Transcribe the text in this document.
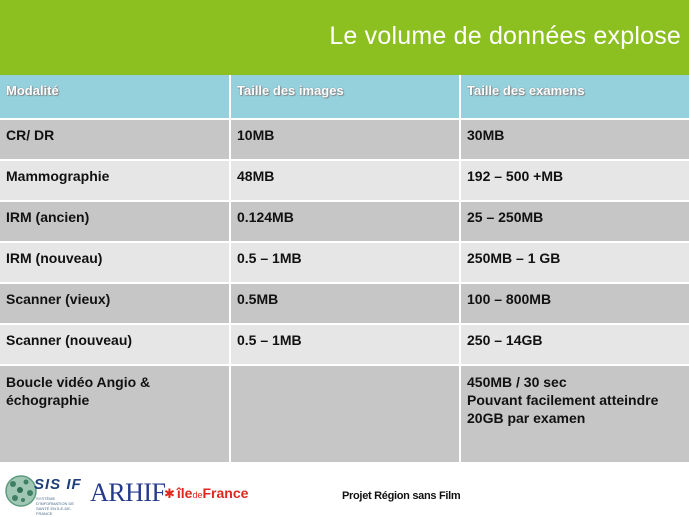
Le volume de données explose
Modalité	Taille des images	Taille des examens
CR/ DR	10MB	30MB
Mammographie	48MB	192 – 500 +MB
IRM (ancien)	0.124MB	25 – 250MB
IRM (nouveau)	0.5 – 1MB	250MB – 1 GB
Scanner (vieux)	0.5MB	100 – 800MB
Scanner (nouveau)	0.5 – 1MB	250 – 14GB

Boucle vidéo Angio &
échographie		450MB / 30 sec
Pouvant facilement atteindre
20GB par examen
SIS IF
SYSTÈME D'INFORMATION DE SANTÉ EN ÎLE-DE-FRANCE
ARHIF
✱ îledeFrance	Projet Région sans Film
